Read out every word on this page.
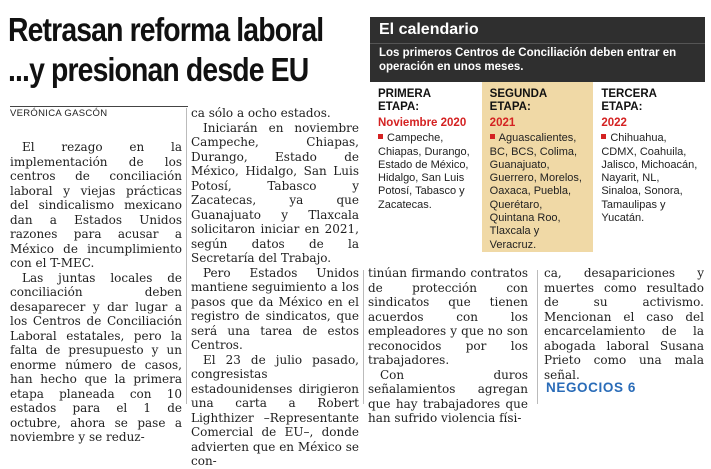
Retrasan reforma laboral
...y presionan desde EU
VERÓNICA GASCÓN

El rezago en la implementación de los centros de conciliación laboral y viejas prácticas del sindicalismo mexicano dan a Estados Unidos razones para acusar a México de incumplimiento con el T-MEC.

Las juntas locales de conciliación deben desaparecer y dar lugar a los Centros de Conciliación Laboral estatales, pero la falta de presupuesto y un enorme número de casos, han hecho que la primera etapa planeada con 10 estados para el 1 de octubre, ahora se pase a noviembre y se reduz-

ca sólo a ocho estados.

Iniciarán en noviembre Campeche, Chiapas, Durango, Estado de México, Hidalgo, San Luis Potosí, Tabasco y Zacatecas, ya que Guanajuato y Tlaxcala solicitaron iniciar en 2021, según datos de la Secretaría del Trabajo.

Pero Estados Unidos mantiene seguimiento a los pasos que da México en el registro de sindicatos, que será una tarea de estos Centros.

El 23 de julio pasado, congresistas estadounidenses dirigieron una carta a Robert Lighthizer –Representante Comercial de EU–, donde advierten que en México se con-

El calendario
Los primeros Centros de Conciliación deben entrar en operación en unos meses.
PRIMERA
ETAPA:
Noviembre 2020
Campeche, Chiapas, Durango, Estado de México, Hidalgo, San Luis Potosí, Tabasco y Zacatecas.
SEGUNDA
ETAPA:
2021
Aguascalientes, BC, BCS, Colima, Guanajuato, Guerrero, Morelos, Oaxaca, Puebla, Querétaro, Quintana Roo, Tlaxcala y Veracruz.
TERCERA
ETAPA:
2022
Chihuahua, CDMX, Coahuila, Jalisco, Michoacán, Nayarit, NL, Sinaloa, Sonora, Tamaulipas y Yucatán.

tinúan firmando contratos de protección con sindicatos que tienen acuerdos con los empleadores y que no son reconocidos por los trabajadores.

Con duros señalamientos agregan que hay trabajadores que han sufrido violencia físi-

ca, desapariciones y muertes como resultado de su activismo. Mencionan el caso del encarcelamiento de la abogada laboral Susana Prieto como una mala señal.

NEGOCIOS 6
